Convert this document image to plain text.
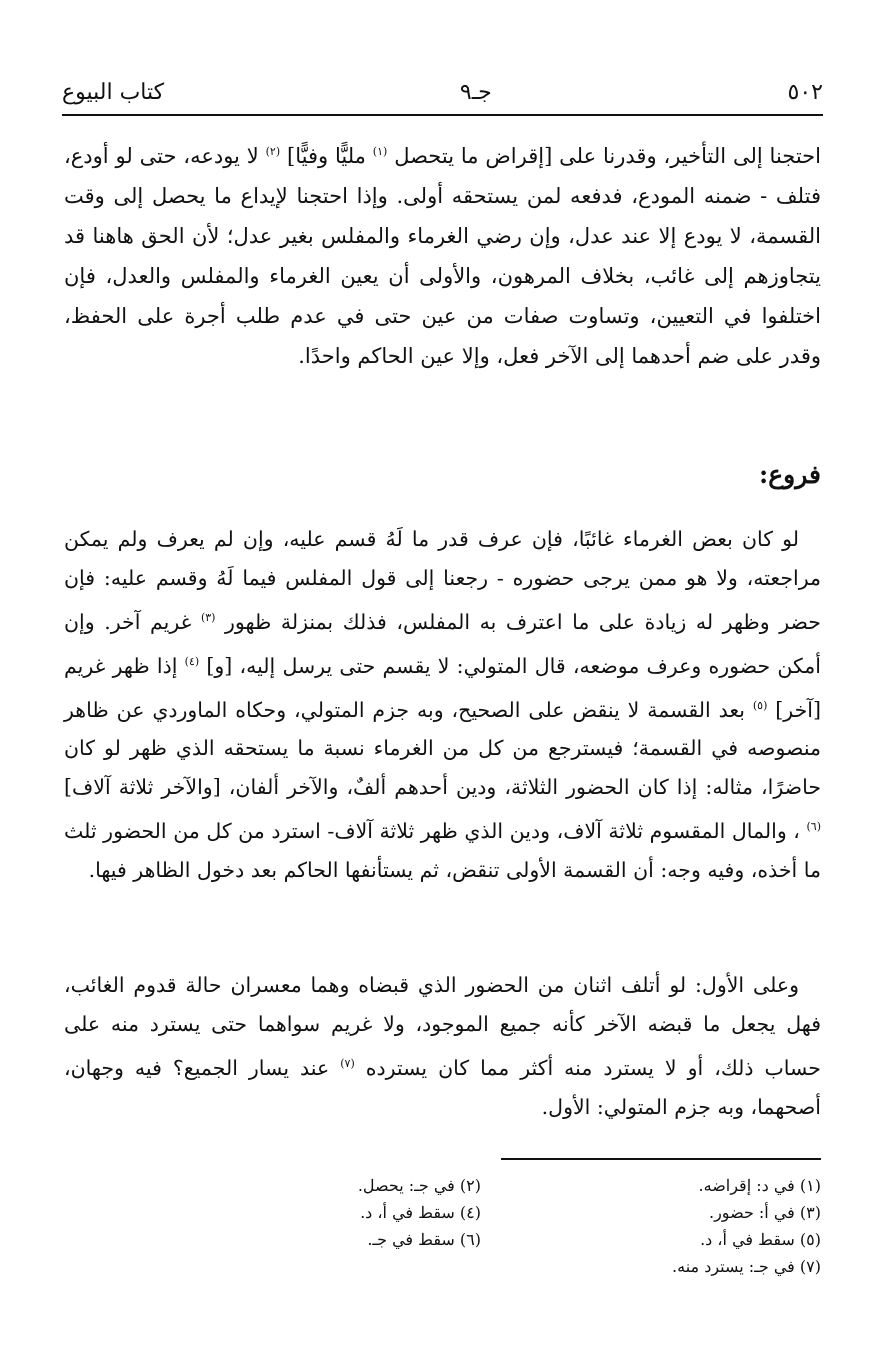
٥٠٢
جـ٩
كتاب البيوع
احتجنا إلى التأخير، وقدرنا على [إقراض ما يتحصل $^{(١)}$ مليًّا وفيًّا] $^{(٢)}$ لا يودعه، حتى لو أودع، فتلف - ضمنه المودع، فدفعه لمن يستحقه أولى. وإذا احتجنا لإيداع ما يحصل إلى وقت القسمة، لا يودع إلا عند عدل، وإن رضي الغرماء والمفلس بغير عدل؛ لأن الحق هاهنا قد يتجاوزهم إلى غائب، بخلاف المرهون، والأولى أن يعين الغرماء والمفلس والعدل، فإن اختلفوا في التعيين، وتساوت صفات من عين حتى في عدم طلب أجرة على الحفظ، وقدر على ضم أحدهما إلى الآخر فعل، وإلا عين الحاكم واحدًا.
فروع:
لو كان بعض الغرماء غائبًا، فإن عرف قدر ما لَهُ قسم عليه، وإن لم يعرف ولم يمكن مراجعته، ولا هو ممن يرجى حضوره - رجعنا إلى قول المفلس فيما لَهُ وقسم عليه: فإن حضر وظهر له زيادة على ما اعترف به المفلس، فذلك بمنزلة ظهور $^{(٣)}$ غريم آخر. وإن أمكن حضوره وعرف موضعه، قال المتولي: لا يقسم حتى يرسل إليه، [و] $^{(٤)}$ إذا ظهر غريم [آخر] $^{(٥)}$ بعد القسمة لا ينقض على الصحيح، وبه جزم المتولي، وحكاه الماوردي عن ظاهر منصوصه في القسمة؛ فيسترجع من كل من الغرماء نسبة ما يستحقه الذي ظهر لو كان حاضرًا، مثاله: إذا كان الحضور الثلاثة، ودين أحدهم ألفٌ، والآخر ألفان، [والآخر ثلاثة آلاف] $^{(٦)}$ ، والمال المقسوم ثلاثة آلاف، ودين الذي ظهر ثلاثة آلاف- استرد من كل من الحضور ثلث ما أخذه، وفيه وجه: أن القسمة الأولى تنقض، ثم يستأنفها الحاكم بعد دخول الظاهر فيها.
وعلى الأول: لو أتلف اثنان من الحضور الذي قبضاه وهما معسران حالة قدوم الغائب، فهل يجعل ما قبضه الآخر كأنه جميع الموجود، ولا غريم سواهما حتى يسترد منه على حساب ذلك، أو لا يسترد منه أكثر مما كان يسترده $^{(٧)}$ عند يسار الجميع؟ فيه وجهان، أصحهما، وبه جزم المتولي: الأول.
(١) في د: إقراضه.
(٢) في جـ: يحصل.
(٣) في أ: حضور.
(٤) سقط في أ، د.
(٥) سقط في أ، د.
(٦) سقط في جـ.
(٧) في جـ: يسترد منه.
